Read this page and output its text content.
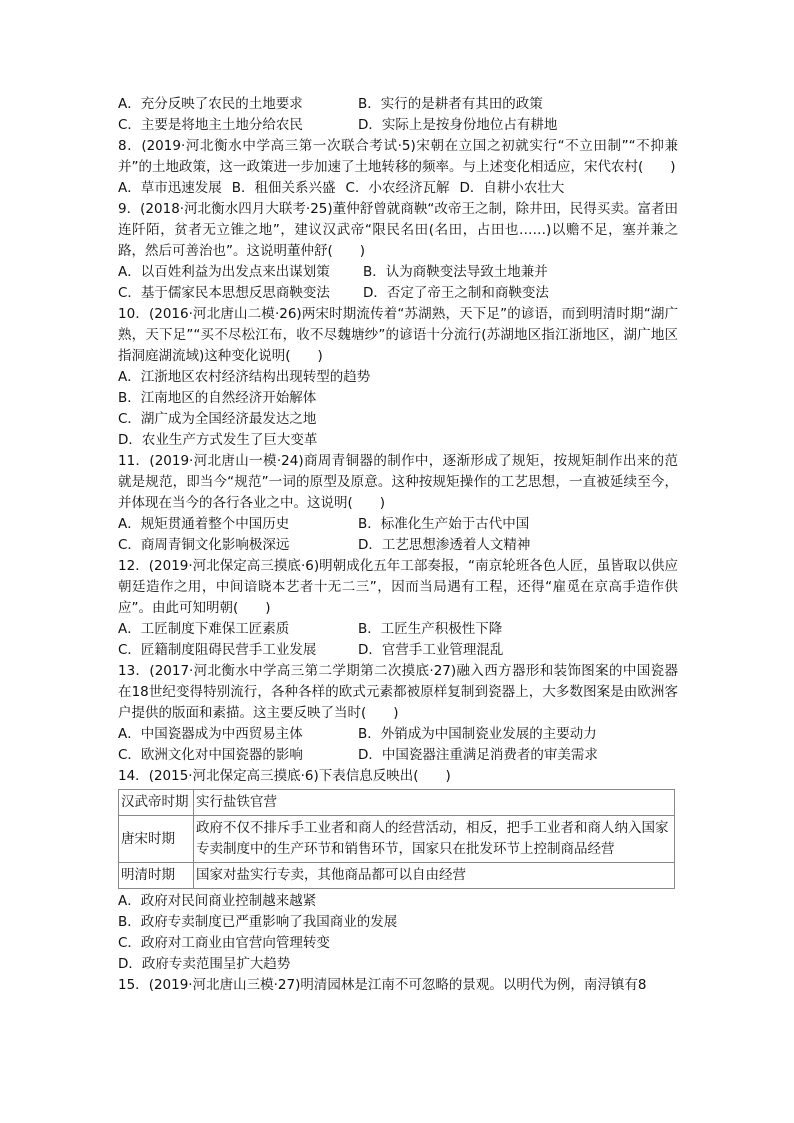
A．充分反映了农民的土地要求	B．实行的是耕者有其田的政策
C．主要是将地主土地分给农民	D．实际上是按身份地位占有耕地
8．(2019·河北衡水中学高三第一次联合考试·5)宋朝在立国之初就实行“不立田制”“不抑兼并”的土地政策，这一政策进一步加速了土地转移的频率。与上述变化相适应，宋代农村(　　)
A．草市迅速发展 B．租佃关系兴盛 C．小农经济瓦解 D．自耕小农壮大
9．(2018·河北衡水四月大联考·25)董仲舒曾就商鞅“改帝王之制，除井田，民得买卖。富者田连阡陌，贫者无立锥之地”，建议汉武帝“限民名田(名田，占田也……)以赡不足，塞并兼之路，然后可善治也”。这说明董仲舒(　　)
A．以百姓利益为出发点来出谋划策	B．认为商鞅变法导致土地兼并
C．基于儒家民本思想反思商鞅变法	D．否定了帝王之制和商鞅变法
10．(2016·河北唐山二模·26)两宋时期流传着“苏湖熟，天下足”的谚语，而到明清时期“湖广熟，天下足”“买不尽松江布，收不尽魏塘纱”的谚语十分流行(苏湖地区指江浙地区，湖广地区指洞庭湖流域)这种变化说明(　　)
A．江浙地区农村经济结构出现转型的趋势
B．江南地区的自然经济开始解体
C．湖广成为全国经济最发达之地
D．农业生产方式发生了巨大变革
11．(2019·河北唐山一模·24)商周青铜器的制作中，逐渐形成了规矩，按规矩制作出来的范就是规范，即当今“规范”一词的原型及原意。这种按规矩操作的工艺思想，一直被延续至今，并体现在当今的各行各业之中。这说明(　　)
A．规矩贯通着整个中国历史	B．标准化生产始于古代中国
C．商周青铜文化影响极深远	D．工艺思想渗透着人文精神
12．(2019·河北保定高三摸底·6)明朝成化五年工部奏报，“南京轮班各色人匠，虽皆取以供应朝廷造作之用，中间谙晓本艺者十无二三”，因而当局遇有工程，还得“雇觅在京高手造作供应”。由此可知明朝(　　)
A．工匠制度下难保工匠素质	B．工匠生产积极性下降
C．匠籍制度阻碍民营手工业发展	D．官营手工业管理混乱
13．(2017·河北衡水中学高三第二学期第二次摸底·27)融入西方器形和装饰图案的中国瓷器在18世纪变得特别流行，各种各样的欧式元素都被原样复制到瓷器上，大多数图案是由欧洲客户提供的版面和素描。这主要反映了当时(　　)
A．中国瓷器成为中西贸易主体	B．外销成为中国制瓷业发展的主要动力
C．欧洲文化对中国瓷器的影响	D．中国瓷器注重满足消费者的审美需求
14．(2015·河北保定高三摸底·6)下表信息反映出(　　)
汉武帝时期	实行盐铁官营
唐宋时期	政府不仅不排斥手工业者和商人的经营活动，相反，把手工业者和商人纳入国家专卖制度中的生产环节和销售环节，国家只在批发环节上控制商品经营
明清时期	国家对盐实行专卖，其他商品都可以自由经营
A．政府对民间商业控制越来越紧
B．政府专卖制度已严重影响了我国商业的发展
C．政府对工商业由官营向管理转变
D．政府专卖范围呈扩大趋势
15．(2019·河北唐山三模·27)明清园林是江南不可忽略的景观。以明代为例，南浔镇有8
